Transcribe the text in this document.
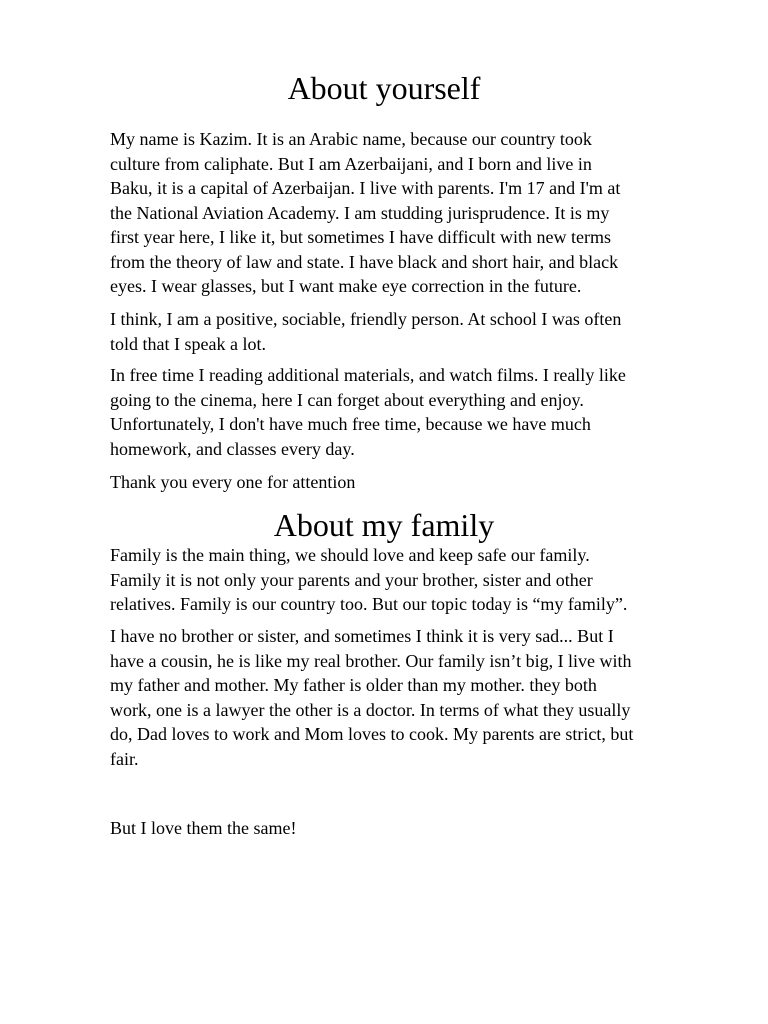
About yourself

My name is Kazim. It is an Arabic name, because our country took
culture from caliphate. But I am Azerbaijani, and I born and live in
Baku, it is a capital of Azerbaijan. I live with parents. I'm 17 and I'm at
the National Aviation Academy. I am studding jurisprudence. It is my
first year here, I like it, but sometimes I have difficult with new terms
from the theory of law and state. I have black and short hair, and black
eyes. I wear glasses, but I want make eye correction in the future.

I think, I am a positive, sociable, friendly person. At school I was often
told that I speak a lot.

In free time I reading additional materials, and watch films. I really like
going to the cinema, here I can forget about everything and enjoy.
Unfortunately, I don't have much free time, because we have much
homework, and classes every day.

Thank you every one for attention

About my family

Family is the main thing, we should love and keep safe our family.
Family it is not only your parents and your brother, sister and other
relatives. Family is our country too. But our topic today is “my family”.

I have no brother or sister, and sometimes I think it is very sad... But I
have a cousin, he is like my real brother. Our family isn’t big, I live with
my father and mother. My father is older than my mother. they both
work, one is a lawyer the other is a doctor. In terms of what they usually
do, Dad loves to work and Mom loves to cook. My parents are strict, but
fair.

But I love them the same!
